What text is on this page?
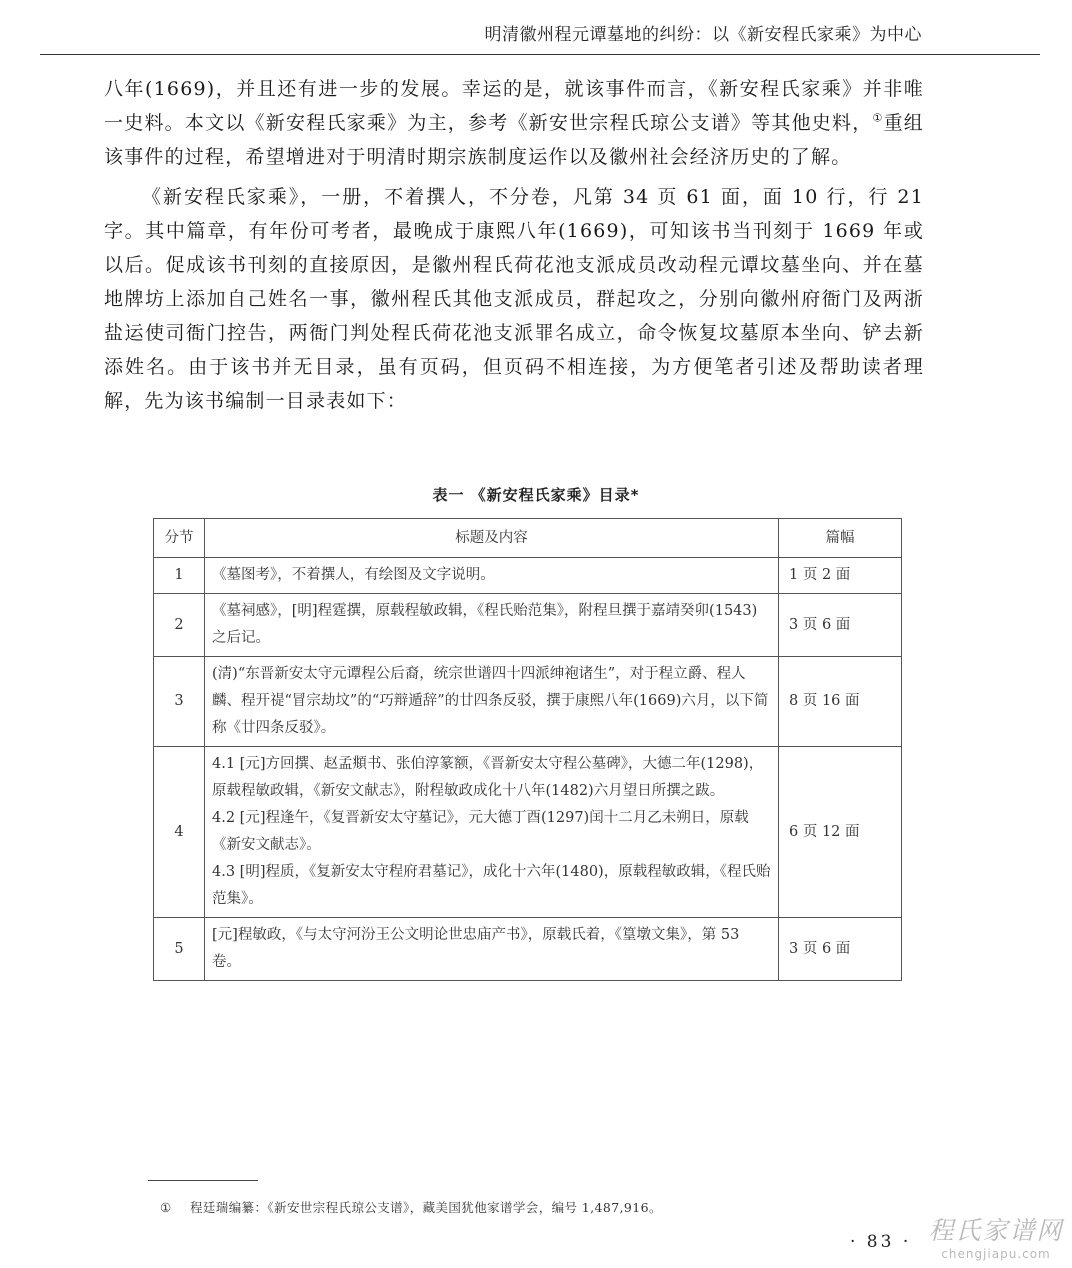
明清徽州程元谭墓地的纠纷：以《新安程氏家乘》为中心

八年(1669)，并且还有进一步的发展。幸运的是，就该事件而言，《新安程氏家乘》并非唯一史料。本文以《新安程氏家乘》为主，参考《新安世宗程氏琼公支谱》等其他史料，①重组该事件的过程，希望增进对于明清时期宗族制度运作以及徽州社会经济历史的了解。

《新安程氏家乘》，一册，不着撰人，不分卷，凡第 34 页 61 面，面 10 行，行 21 字。其中篇章，有年份可考者，最晚成于康熙八年(1669)，可知该书当刊刻于 1669 年或以后。促成该书刊刻的直接原因，是徽州程氏荷花池支派成员改动程元谭坟墓坐向、并在墓地牌坊上添加自己姓名一事，徽州程氏其他支派成员，群起攻之，分别向徽州府衙门及两浙盐运使司衙门控告，两衙门判处程氏荷花池支派罪名成立，命令恢复坟墓原本坐向、铲去新添姓名。由于该书并无目录，虽有页码，但页码不相连接，为方便笔者引述及帮助读者理解，先为该书编制一目录表如下：

表一 《新安程氏家乘》目录*
分节	标题及内容	篇幅
1	《墓图考》，不着撰人，有绘图及文字说明。	1 页 2 面
2	《墓祠感》，[明]程霆撰，原载程敏政辑，《程氏贻范集》，附程旦撰于嘉靖癸卯(1543)之后记。	3 页 6 面
3	(清)“东晋新安太守元谭程公后裔，统宗世谱四十四派绅袍诸生”，对于程立爵、程人麟、程开禔“冒宗劫坟”的“巧辩遁辞”的廿四条反驳，撰于康熙八年(1669)六月，以下简称《廿四条反驳》。	8 页 16 面
4	4.1 [元]方回撰、赵孟頫书、张伯淳篆额，《晋新安太守程公墓碑》，大德二年(1298)，原载程敏政辑，《新安文献志》，附程敏政成化十八年(1482)六月望日所撰之跋。
4.2 [元]程逢午，《复晋新安太守墓记》，元大德丁酉(1297)闰十二月乙未朔日，原载《新安文献志》。
4.3 [明]程质，《复新安太守程府君墓记》，成化十六年(1480)，原载程敏政辑，《程氏贻范集》。	6 页 12 面
5	[元]程敏政，《与太守河汾王公文明论世忠庙产书》，原载氏着，《篁墩文集》，第 53 卷。	3 页 6 面
① 程廷瑞编纂：《新安世宗程氏琼公支谱》，藏美国犹他家谱学会，编号 1,487,916。
· 83 · 程氏家谱网
chengjiapu.com
